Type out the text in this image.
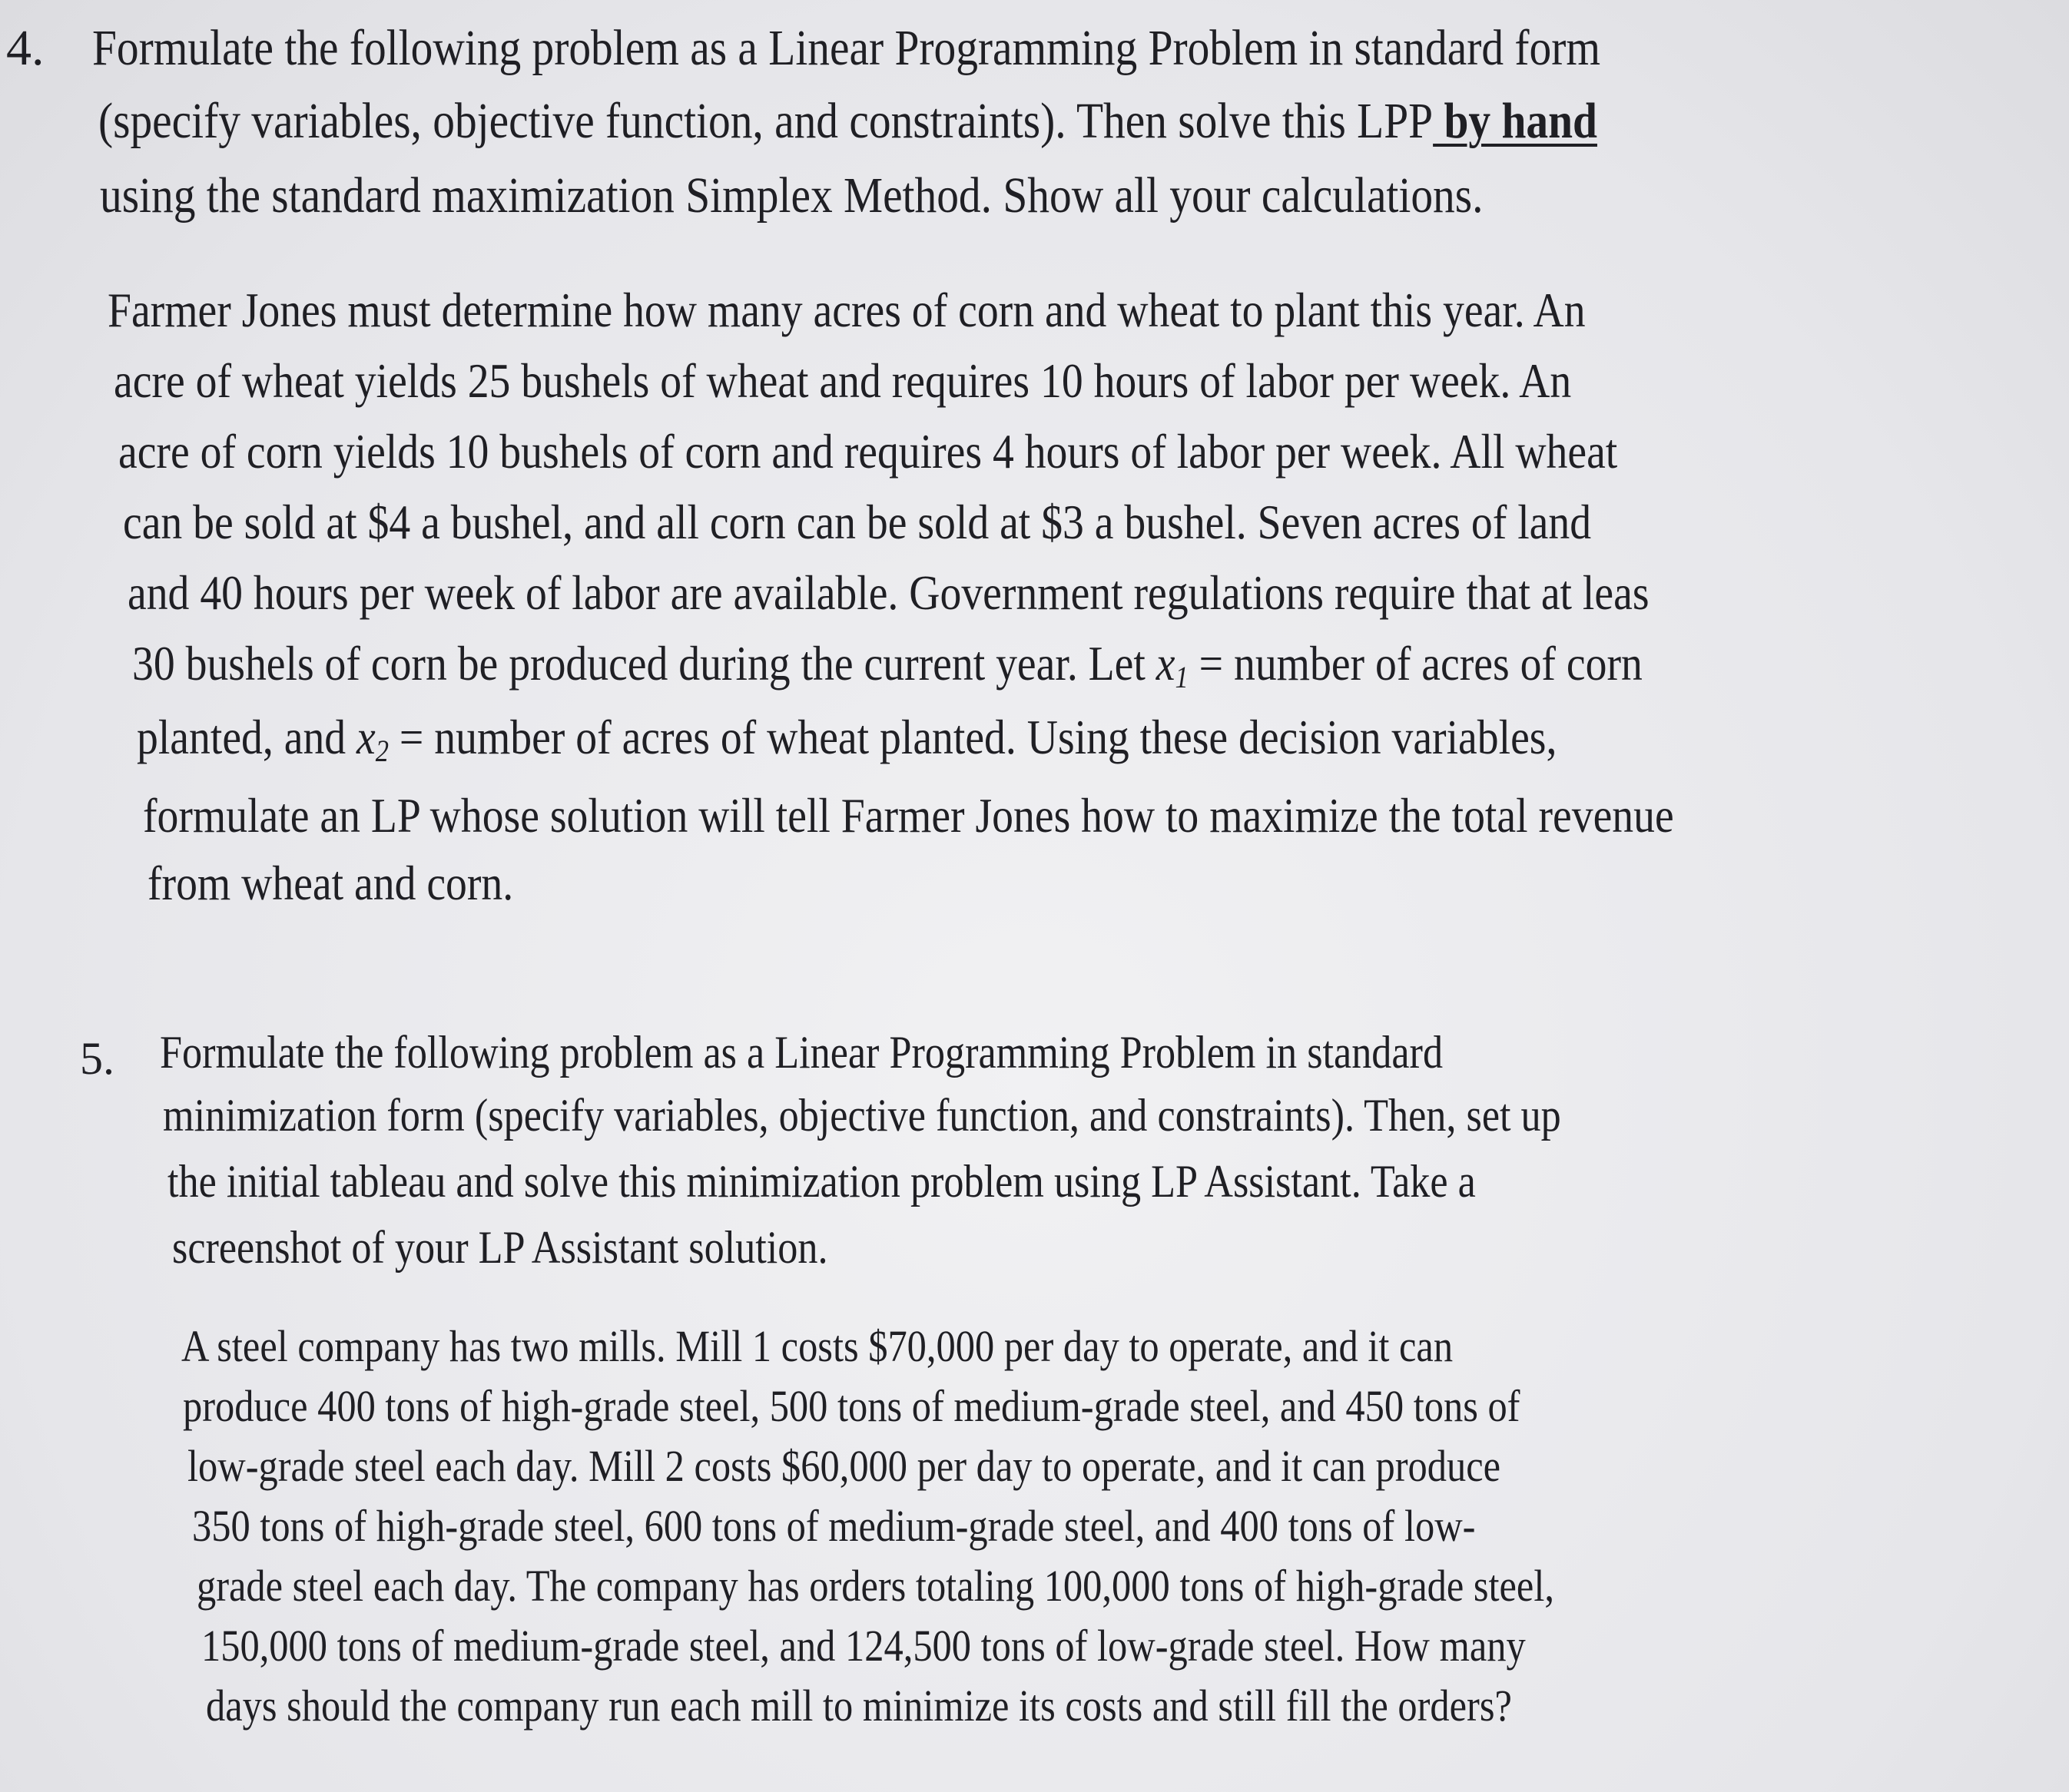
4. Formulate the following problem as a Linear Programming Problem in standard form
(specify variables, objective function, and constraints). Then solve this LPP by hand
using the standard maximization Simplex Method. Show all your calculations.
Farmer Jones must determine how many acres of corn and wheat to plant this year. An
acre of wheat yields 25 bushels of wheat and requires 10 hours of labor per week. An
acre of corn yields 10 bushels of corn and requires 4 hours of labor per week. All wheat
can be sold at $4 a bushel, and all corn can be sold at $3 a bushel. Seven acres of land
and 40 hours per week of labor are available. Government regulations require that at leas
30 bushels of corn be produced during the current year. Let $x_1$ = number of acres of corn
planted, and $x_2$ = number of acres of wheat planted. Using these decision variables,
formulate an LP whose solution will tell Farmer Jones how to maximize the total revenue
from wheat and corn.
5. Formulate the following problem as a Linear Programming Problem in standard
minimization form (specify variables, objective function, and constraints). Then, set up
the initial tableau and solve this minimization problem using LP Assistant. Take a
screenshot of your LP Assistant solution.
A steel company has two mills. Mill 1 costs $70,000 per day to operate, and it can
produce 400 tons of high-grade steel, 500 tons of medium-grade steel, and 450 tons of
low-grade steel each day. Mill 2 costs $60,000 per day to operate, and it can produce
350 tons of high-grade steel, 600 tons of medium-grade steel, and 400 tons of low-
grade steel each day. The company has orders totaling 100,000 tons of high-grade steel,
150,000 tons of medium-grade steel, and 124,500 tons of low-grade steel. How many
days should the company run each mill to minimize its costs and still fill the orders?
